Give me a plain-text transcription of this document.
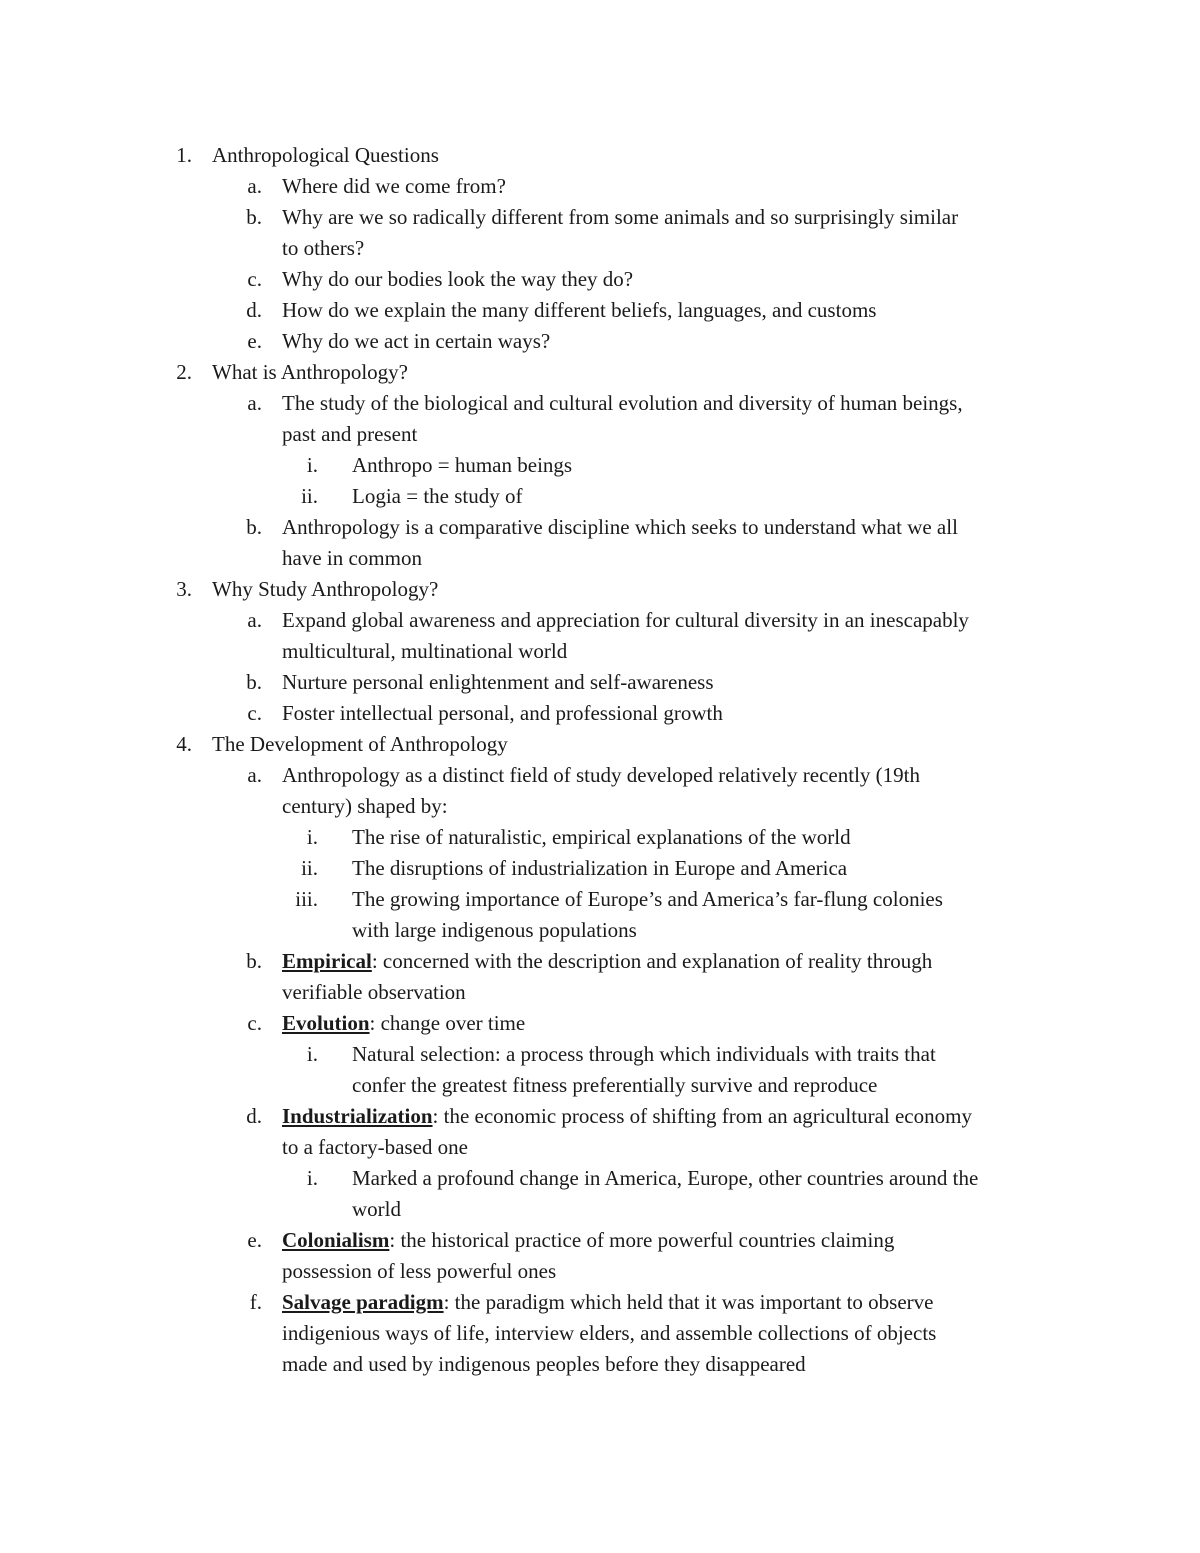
1. Anthropological Questions
a. Where did we come from?
b. Why are we so radically different from some animals and so surprisingly similar
to others?
c. Why do our bodies look the way they do?
d. How do we explain the many different beliefs, languages, and customs
e. Why do we act in certain ways?
2. What is Anthropology?
a. The study of the biological and cultural evolution and diversity of human beings,
past and present
i. Anthropo = human beings
ii. Logia = the study of
b. Anthropology is a comparative discipline which seeks to understand what we all
have in common
3. Why Study Anthropology?
a. Expand global awareness and appreciation for cultural diversity in an inescapably
multicultural, multinational world
b. Nurture personal enlightenment and self-awareness
c. Foster intellectual personal, and professional growth
4. The Development of Anthropology
a. Anthropology as a distinct field of study developed relatively recently (19th
century) shaped by:
i. The rise of naturalistic, empirical explanations of the world
ii. The disruptions of industrialization in Europe and America
iii. The growing importance of Europe’s and America’s far-flung colonies
with large indigenous populations
b. Empirical: concerned with the description and explanation of reality through
verifiable observation
c. Evolution: change over time
i. Natural selection: a process through which individuals with traits that
confer the greatest fitness preferentially survive and reproduce
d. Industrialization: the economic process of shifting from an agricultural economy
to a factory-based one
i. Marked a profound change in America, Europe, other countries around the
world
e. Colonialism: the historical practice of more powerful countries claiming
possession of less powerful ones
f. Salvage paradigm: the paradigm which held that it was important to observe
indigenious ways of life, interview elders, and assemble collections of objects
made and used by indigenous peoples before they disappeared
